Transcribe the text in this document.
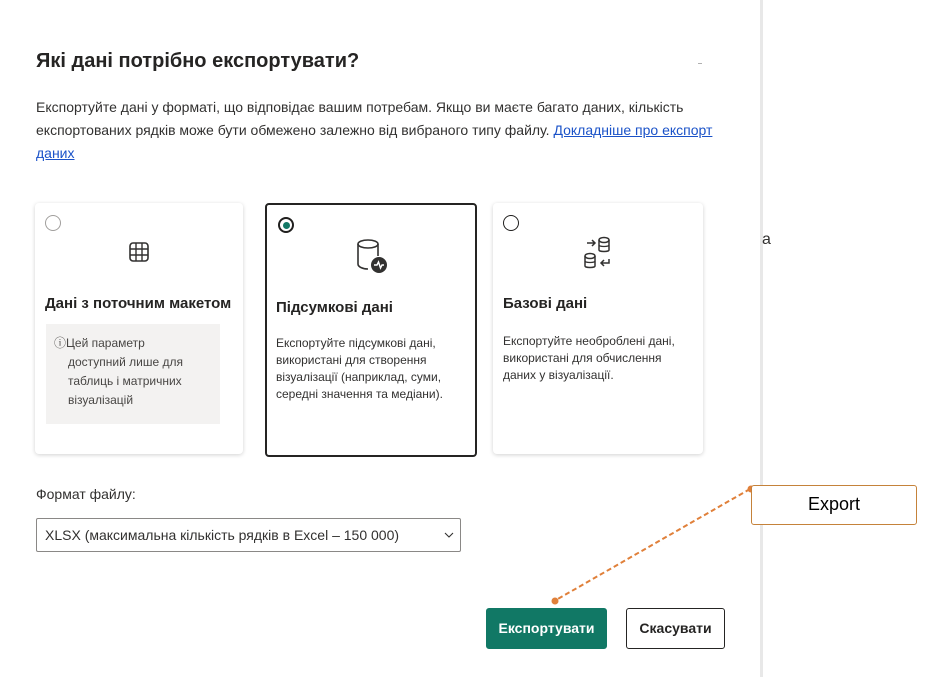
Які дані потрібно експортувати?
Експортуйте дані у форматі, що відповідає вашим потребам. Якщо ви маєте багато даних, кількість експортованих рядків може бути обмежено залежно від вибраного типу файлу. Докладніше про експорт даних
Дані з поточним макетом
ⓘЦей параметр
доступний лише для таблиць і матричних візуалізацій
Підсумкові дані
Експортуйте підсумкові дані, використані для створення візуалізації (наприклад, суми, середні значення та медіани).
Базові дані
Експортуйте необроблені дані, використані для обчислення даних у візуалізації.
Формат файлу:
XLSX (максимальна кількість рядків в Excel – 150 000)
Експортувати	Скасувати
a
Export
